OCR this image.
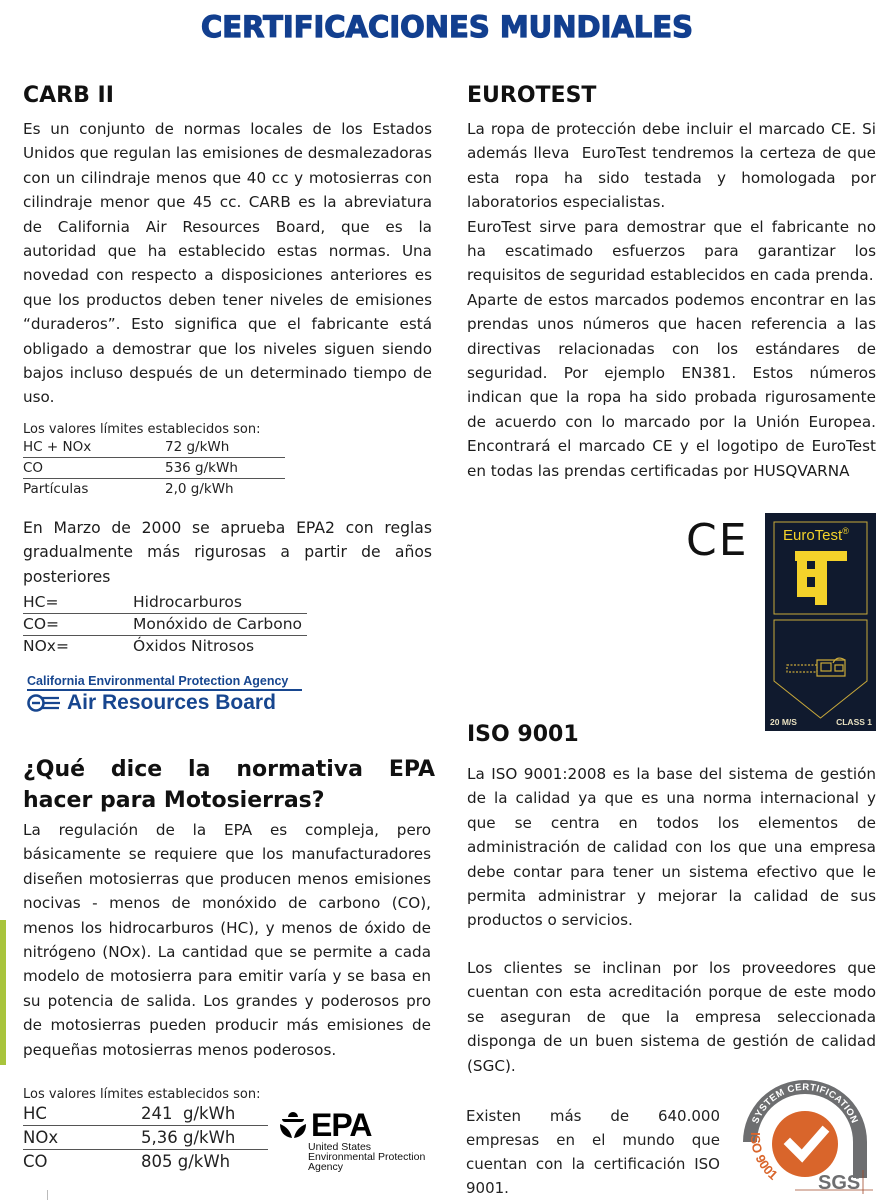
CERTIFICACIONES MUNDIALES
CARB II
Es un conjunto de normas locales de los Estados Unidos que regulan las emisiones de desmalezadoras con un cilindraje menos que 40 cc y motosierras con cilindraje menor que 45 cc. CARB es la abreviatura de California Air Resources Board, que es la autoridad que ha establecido estas normas. Una novedad con respecto a disposiciones anteriores es que los productos deben tener niveles de emisiones “duraderos”. Esto significa que el fabricante está obligado a demostrar que los niveles siguen siendo bajos incluso después de un determinado tiempo de uso.

Los valores límites establecidos son:

HC + NOx	72 g/kWh
CO	536 g/kWh
Partículas	2,0 g/kWh
En Marzo de 2000 se aprueba EPA2 con reglas gradualmente más rigurosas a partir de años posteriores
HC=	Hidrocarburos
CO=	Monóxido de Carbono
NOx=	Óxidos Nitrosos
California Environmental Protection Agency
Air Resources Board
¿Qué dice la normativa EPA hacer para Motosierras?
La regulación de la EPA es compleja, pero básicamente se requiere que los manufacturadores diseñen motosierras que producen menos emisiones nocivas - menos de monóxido de carbono (CO), menos los hidrocarburos (HC), y menos de óxido de nitrógeno (NOx). La cantidad que se permite a cada modelo de motosierra para emitir varía y se basa en su potencia de salida. Los grandes y poderosos pro de motosierras pueden producir más emisiones de pequeñas motosierras menos poderosos.

Los valores límites establecidos son:

HC	241  g/kWh
NOx	5,36 g/kWh
CO	805 g/kWh
EPA
United States
Environmental Protection
Agency
EUROTEST

La ropa de protección debe incluir el marcado CE. Si además lleva  EuroTest tendremos la certeza de que esta ropa ha sido testada y homologada por laboratorios especialistas.

EuroTest sirve para demostrar que el fabricante no ha escatimado esfuerzos para garantizar los requisitos de seguridad establecidos en cada prenda.

Aparte de estos marcados podemos encontrar en las prendas unos números que hacen referencia a las directivas relacionadas con los estándares de seguridad. Por ejemplo EN381. Estos números indican que la ropa ha sido probada rigurosamente de acuerdo con lo marcado por la Unión Europea. Encontrará el marcado CE y el logotipo de EuroTest en todas las prendas certificadas por HUSQVARNA

CE EuroTest®
20 M/S	CLASS 1
ISO 9001
La ISO 9001:2008 es la base del sistema de gestión de la calidad ya que es una norma internacional y que se centra en todos los elementos de administración de calidad con los que una empresa debe contar para tener un sistema efectivo que le permita administrar y mejorar la calidad de sus productos o servicios.
Los clientes se inclinan por los proveedores que cuentan con esta acreditación porque de este modo se aseguran de que la empresa seleccionada disponga de un buen sistema de gestión de calidad (SGC).
Existen más de 640.000 empresas en el mundo que cuentan con la certificación ISO 9001.
SYSTEM CERTIFICATION
ISO 9001 SGS
